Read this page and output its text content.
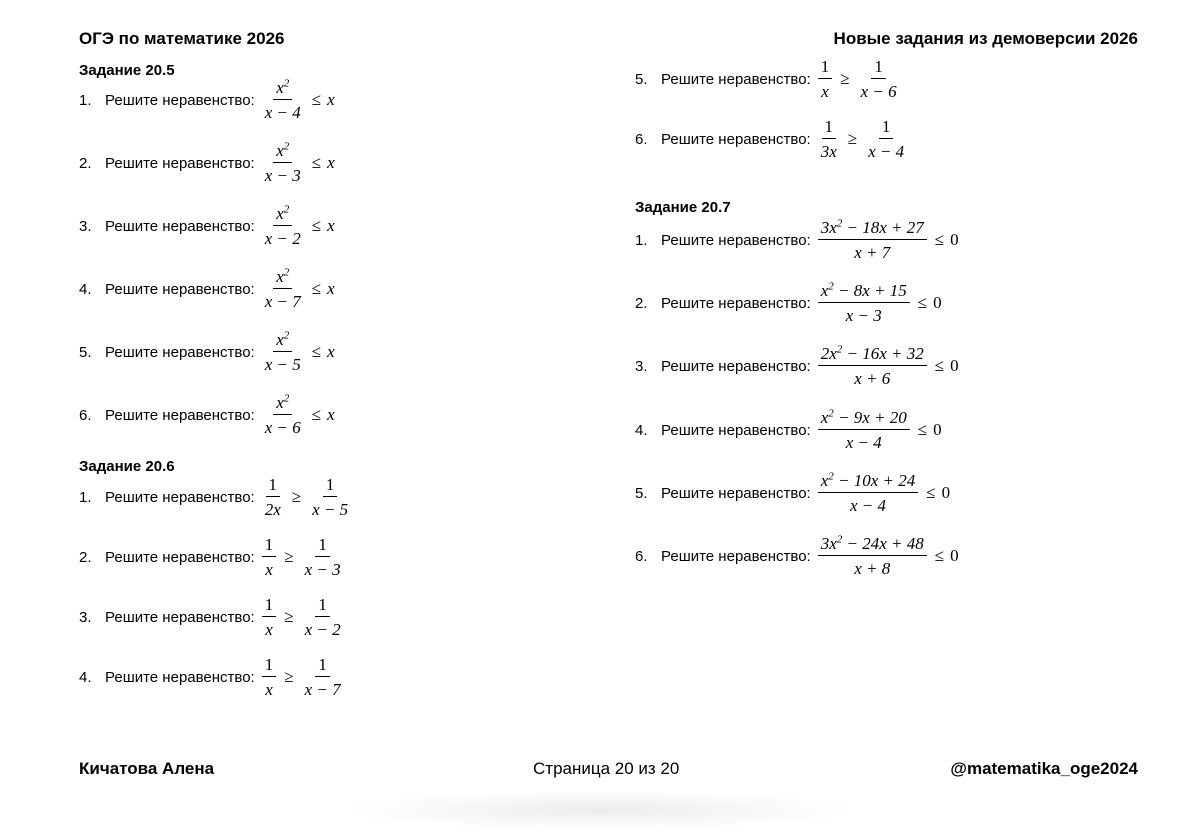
ОГЭ по математике 2026	Новые задания из демоверсии 2026
Задание 20.5
1. Решите неравенство: $\frac{x^2}{x - 4} \le x$
2. Решите неравенство: $\frac{x^2}{x - 3} \le x$
3. Решите неравенство: $\frac{x^2}{x - 2} \le x$
4. Решите неравенство: $\frac{x^2}{x - 7} \le x$
5. Решите неравенство: $\frac{x^2}{x - 5} \le x$
6. Решите неравенство: $\frac{x^2}{x - 6} \le x$
Задание 20.6
1. Решите неравенство: $\frac{1}{2x} \ge \frac{1}{x - 5}$
2. Решите неравенство: $\frac{1}{x} \ge \frac{1}{x - 3}$
3. Решите неравенство: $\frac{1}{x} \ge \frac{1}{x - 2}$
4. Решите неравенство: $\frac{1}{x} \ge \frac{1}{x - 7}$
5. Решите неравенство: $\frac{1}{x} \ge \frac{1}{x - 6}$
6. Решите неравенство: $\frac{1}{3x} \ge \frac{1}{x - 4}$
Задание 20.7
1. Решите неравенство: $\frac{3x^2 - 18x + 27}{x + 7} \le 0$
2. Решите неравенство: $\frac{x^2 - 8x + 15}{x - 3} \le 0$
3. Решите неравенство: $\frac{2x^2 - 16x + 32}{x + 6} \le 0$
4. Решите неравенство: $\frac{x^2 - 9x + 20}{x - 4} \le 0$
5. Решите неравенство: $\frac{x^2 - 10x + 24}{x - 4} \le 0$
6. Решите неравенство: $\frac{3x^2 - 24x + 48}{x + 8} \le 0$
Кичатова Алена	Страница 20 из 20	@matematika_oge2024
